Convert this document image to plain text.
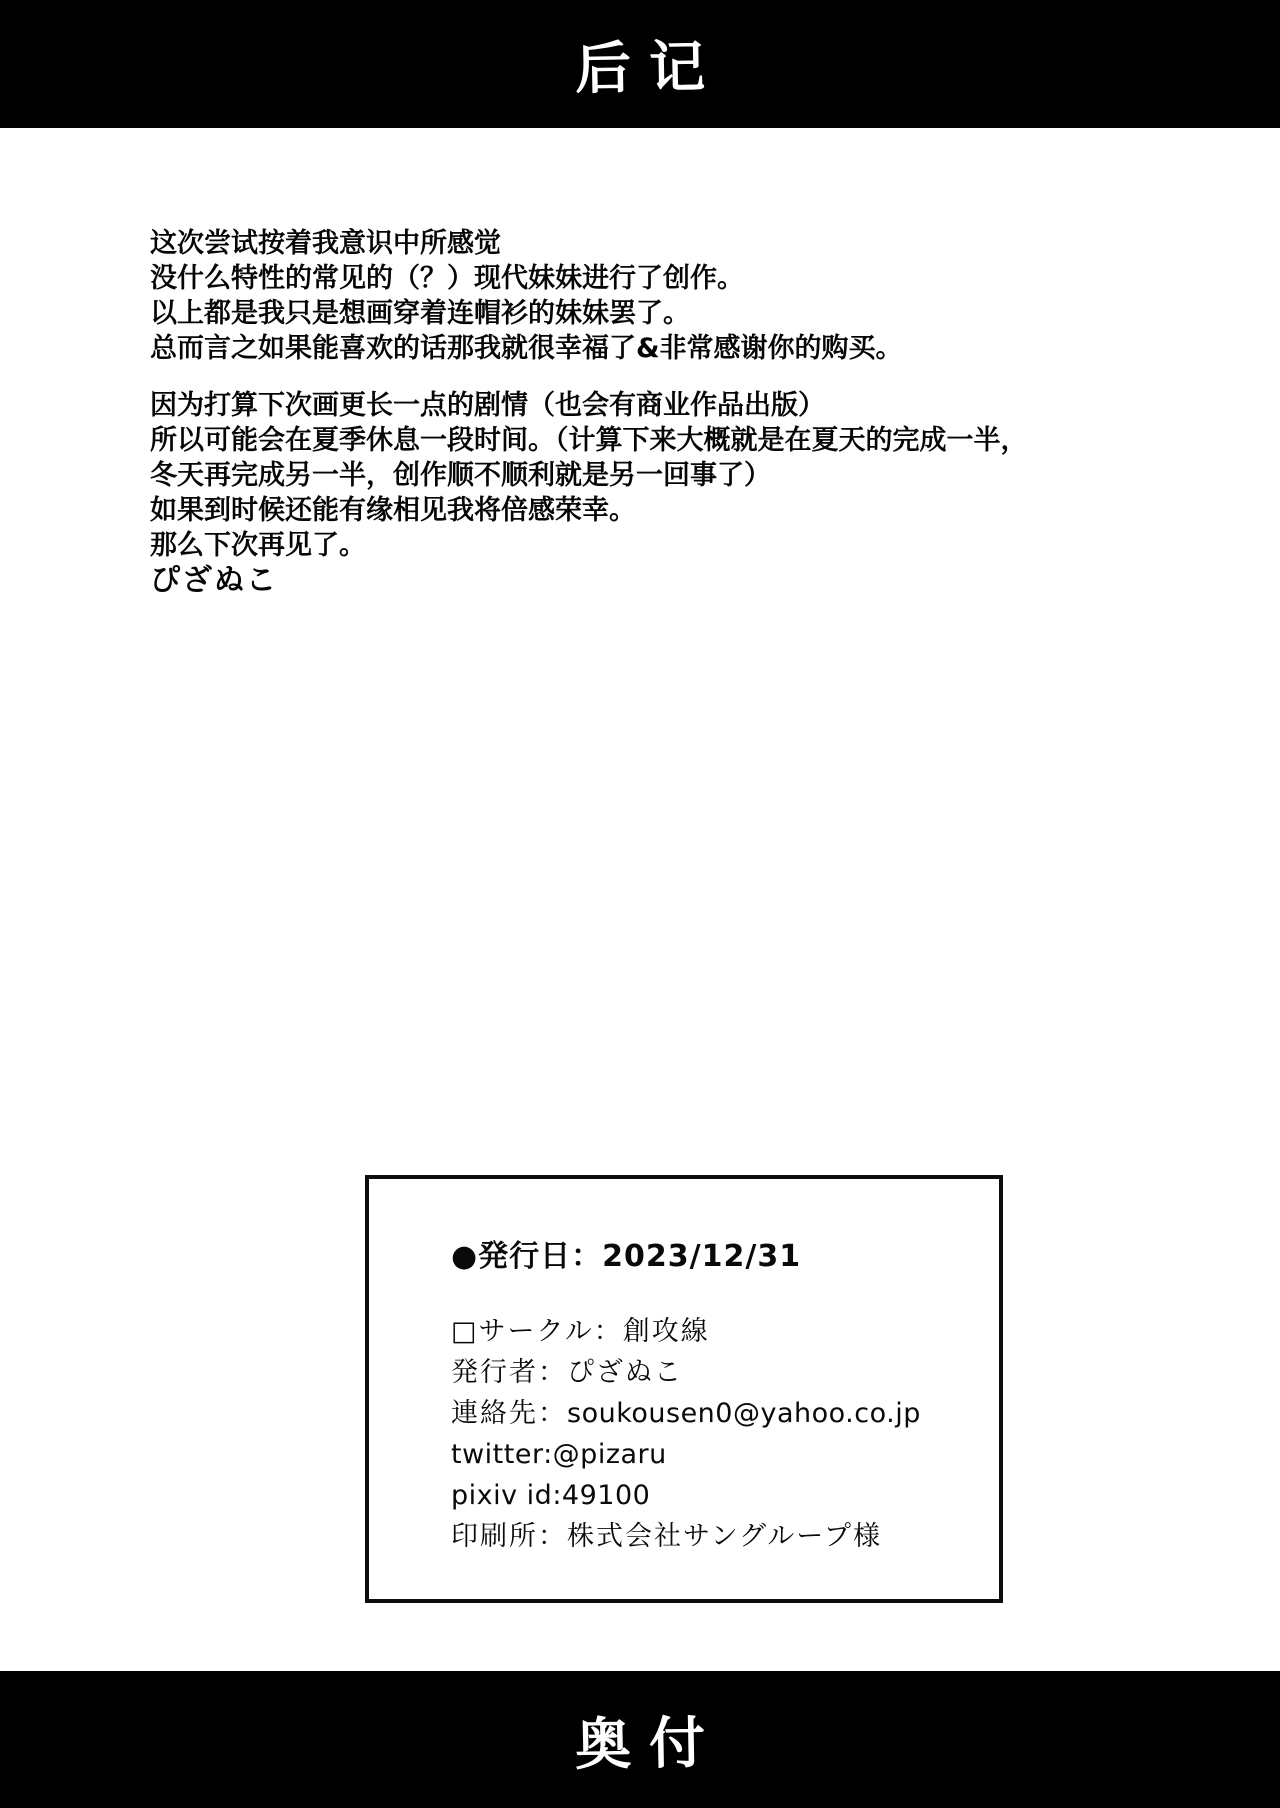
后记

这次尝试按着我意识中所感觉

没什么特性的常见的（？）现代妹妹进行了创作。

以上都是我只是想画穿着连帽衫的妹妹罢了。

总而言之如果能喜欢的话那我就很幸福了&非常感谢你的购买。

因为打算下次画更长一点的剧情（也会有商业作品出版）

所以可能会在夏季休息一段时间。（计算下来大概就是在夏天的完成一半，

冬天再完成另一半，创作顺不顺利就是另一回事了）

如果到时候还能有缘相见我将倍感荣幸。

那么下次再见了。

ぴざぬこ

●発行日：2023/12/31

□サークル：創攻線

発行者：ぴざぬこ

連絡先：soukousen0@yahoo.co.jp

twitter:@pizaru

pixiv id:49100

印刷所：株式会社サングループ様

奥付
